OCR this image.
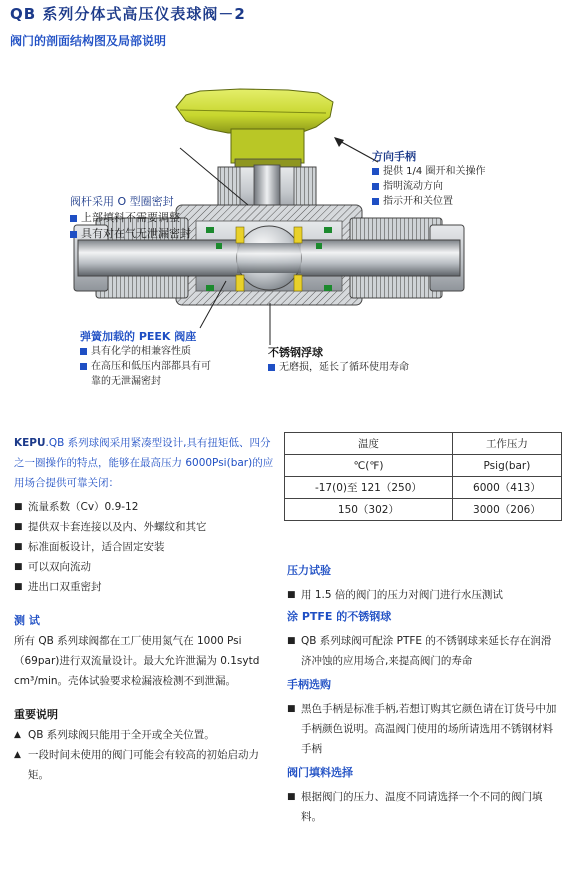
QB 系列分体式高压仪表球阀－2
阀门的剖面结构图及局部说明
阀杆采用 O 型圈密封
上部填料不需要调整
具有对在气无泄漏密封
方向手柄
提供 1/4 圈开和关操作
指明流动方向
指示开和关位置
弹簧加载的 PEEK 阀座
具有化学的相兼容性质
在高压和低压内部都具有可
靠的无泄漏密封
不锈钢浮球
无磨损，延长了循环使用寿命

KEPU.QB 系列球阀采用紧凑型设计,具有扭矩低、四分之一圈操作的特点，能够在最高压力 6000Psi(bar)的应用场合提供可靠关闭：

■ 流量系数（Cv）0.9-12
■ 提供双卡套连接以及内、外螺纹和其它
■ 标准面板设计，适合固定安装
■ 可以双向流动
■ 进出口双重密封
测 试

所有 QB 系列球阀都在工厂使用氮气在 1000 Psi（69par)进行双流量设计。最大允许泄漏为 0.1sytd cm³/min。壳体试验要求检漏液检测不到泄漏。

重要说明
▲ QB 系列球阀只能用于全开或全关位置。
▲ 一段时间未使用的阀门可能会有较高的初始启动力矩。
温度	工作压力
℃(℉)	Psig(bar)
-17(0)至 121（250）	6000（413）
150（302）	3000（206）
压力试验
■ 用 1.5 倍的阀门的压力对阀门进行水压测试
涂 PTFE 的不锈钢球
■ QB 系列球阀可配涂 PTFE 的不锈钢球来延长存在润滑济冲蚀的应用场合,来提高阀门的寿命
手柄选购
■ 黑色手柄是标准手柄,若想订购其它颜色请在订货号中加手柄颜色说明。高温阀门使用的场所请选用不锈钢材料手柄
阀门填料选择
■ 根据阀门的压力、温度不同请选择一个不同的阀门填料。
